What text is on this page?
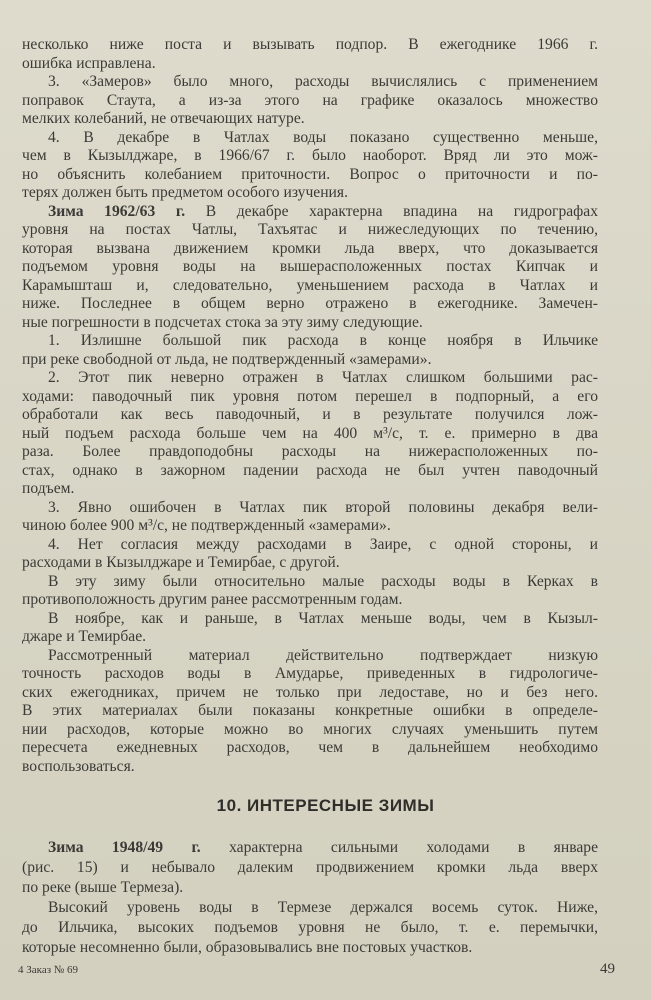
несколько ниже поста и вызывать подпор. В ежегоднике 1966 г.
ошибка исправлена.
3. «Замеров» было много, расходы вычислялись с применением
поправок Стаута, а из-за этого на графике оказалось множество
мелких колебаний, не отвечающих натуре.
4. В декабре в Чатлах воды показано существенно меньше,
чем в Кызылджаре, в 1966/67 г. было наоборот. Вряд ли это мож-
но объяснить колебанием приточности. Вопрос о приточности и по-
терях должен быть предметом особого изучения.
Зима 1962/63 г. В декабре характерна впадина на гидрографах
уровня на постах Чатлы, Тахъятас и нижеследующих по течению,
которая вызвана движением кромки льда вверх, что доказывается
подъемом уровня воды на вышерасположенных постах Кипчак и
Карамышташ и, следовательно, уменьшением расхода в Чатлах и
ниже. Последнее в общем верно отражено в ежегоднике. Замечен-
ные погрешности в подсчетах стока за эту зиму следующие.
1. Излишне большой пик расхода в конце ноября в Ильчике
при реке свободной от льда, не подтвержденный «замерами».
2. Этот пик неверно отражен в Чатлах слишком большими рас-
ходами: паводочный пик уровня потом перешел в подпорный, а его
обработали как весь паводочный, и в результате получился лож-
ный подъем расхода больше чем на 400 м³/с, т. е. примерно в два
раза. Более правдоподобны расходы на нижерасположенных по-
стах, однако в зажорном падении расхода не был учтен паводочный
подъем.
3. Явно ошибочен в Чатлах пик второй половины декабря вели-
чиною более 900 м³/с, не подтвержденный «замерами».
4. Нет согласия между расходами в Заире, с одной стороны, и
расходами в Кызылджаре и Темирбае, с другой.
В эту зиму были относительно малые расходы воды в Керках в
противоположность другим ранее рассмотренным годам.
В ноябре, как и раньше, в Чатлах меньше воды, чем в Кызыл-
джаре и Темирбае.
Рассмотренный материал действительно подтверждает низкую
точность расходов воды в Амударье, приведенных в гидрологиче-
ских ежегодниках, причем не только при ледоставе, но и без него.
В этих материалах были показаны конкретные ошибки в определе-
нии расходов, которые можно во многих случаях уменьшить путем
пересчета ежедневных расходов, чем в дальнейшем необходимо
воспользоваться.
10. ИНТЕРЕСНЫЕ ЗИМЫ
Зима 1948/49 г. характерна сильными холодами в январе
(рис. 15) и небывало далеким продвижением кромки льда вверх
по реке (выше Термеза).
Высокий уровень воды в Термезе держался восемь суток. Ниже,
до Ильчика, высоких подъемов уровня не было, т. е. перемычки,
которые несомненно были, образовывались вне постовых участков.
4 Заказ № 69	49
